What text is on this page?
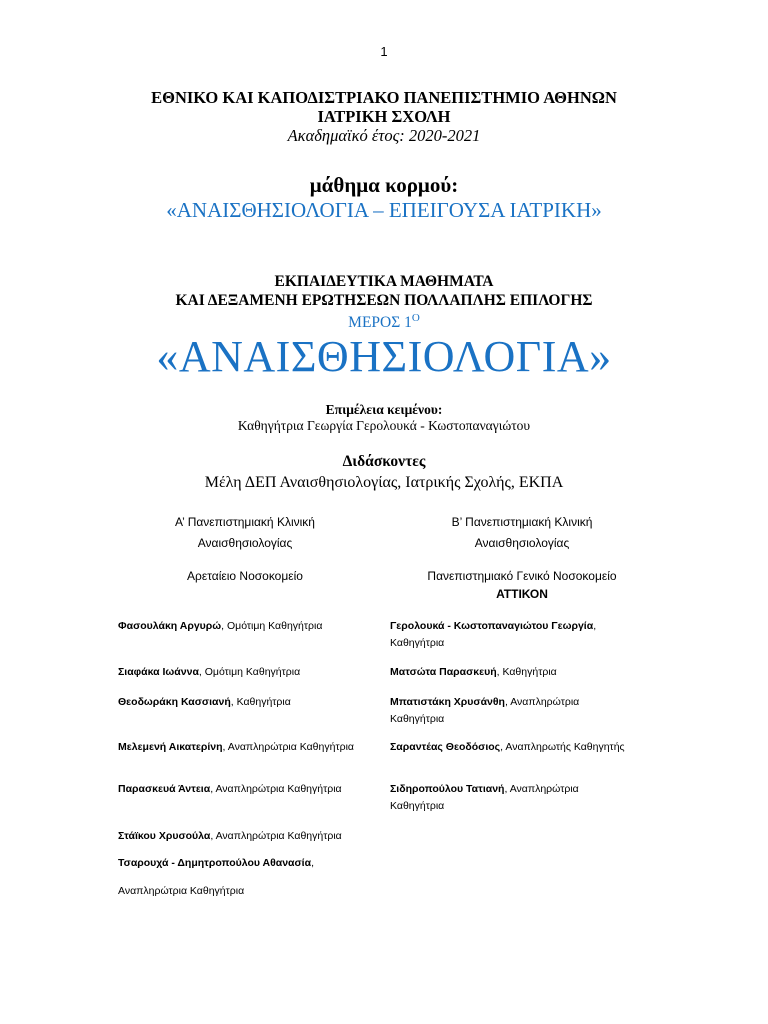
1
ΕΘΝΙΚΟ ΚΑΙ ΚΑΠΟΔΙΣΤΡΙΑΚΟ ΠΑΝΕΠΙΣΤΗΜΙΟ ΑΘΗΝΩΝ
ΙΑΤΡΙΚΗ ΣΧΟΛΗ
Ακαδημαϊκό έτος: 2020-2021
μάθημα κορμού:
«ΑΝΑΙΣΘΗΣΙΟΛΟΓΙΑ – ΕΠΕΙΓΟΥΣΑ ΙΑΤΡΙΚΗ»
ΕΚΠΑΙΔΕΥΤΙΚΑ ΜΑΘΗΜΑΤΑ
ΚΑΙ ΔΕΞΑΜΕΝΗ ΕΡΩΤΗΣΕΩΝ ΠΟΛΛΑΠΛΗΣ ΕΠΙΛΟΓΗΣ
ΜΕΡΟΣ $1^O$
«ΑΝΑΙΣΘΗΣΙΟΛΟΓΙΑ»
Επιμέλεια κειμένου:
Καθηγήτρια Γεωργία Γερολουκά - Κωστοπαναγιώτου
Διδάσκοντες
Μέλη ΔΕΠ Αναισθησιολογίας, Ιατρικής Σχολής, ΕΚΠΑ
Α’ Πανεπιστημιακή Κλινική
Αναισθησιολογίας
Αρεταίειο Νοσοκομείο
Φασουλάκη Αργυρώ, Ομότιμη Καθηγήτρια
Σιαφάκα Ιωάννα, Ομότιμη Καθηγήτρια
Θεοδωράκη Κασσιανή, Καθηγήτρια
Μελεμενή Αικατερίνη, Αναπληρώτρια Καθηγήτρια
Παρασκευά Άντεια, Αναπληρώτρια Καθηγήτρια
Στάϊκου Χρυσούλα, Αναπληρώτρια Καθηγήτρια
Τσαρουχά - Δημητροπούλου Αθανασία,
Αναπληρώτρια Καθηγήτρια
Β’ Πανεπιστημιακή Κλινική
Αναισθησιολογίας
Πανεπιστημιακό Γενικό Νοσοκομείο
ΑΤΤΙΚΟΝ
Γερολουκά - Κωστοπαναγιώτου Γεωργία, Καθηγήτρια
Ματσώτα Παρασκευή, Καθηγήτρια
Μπατιστάκη Χρυσάνθη, Αναπληρώτρια Καθηγήτρια
Σαραντέας Θεοδόσιος, Αναπληρωτής Καθηγητής
Σιδηροπούλου Τατιανή, Αναπληρώτρια Καθηγήτρια
